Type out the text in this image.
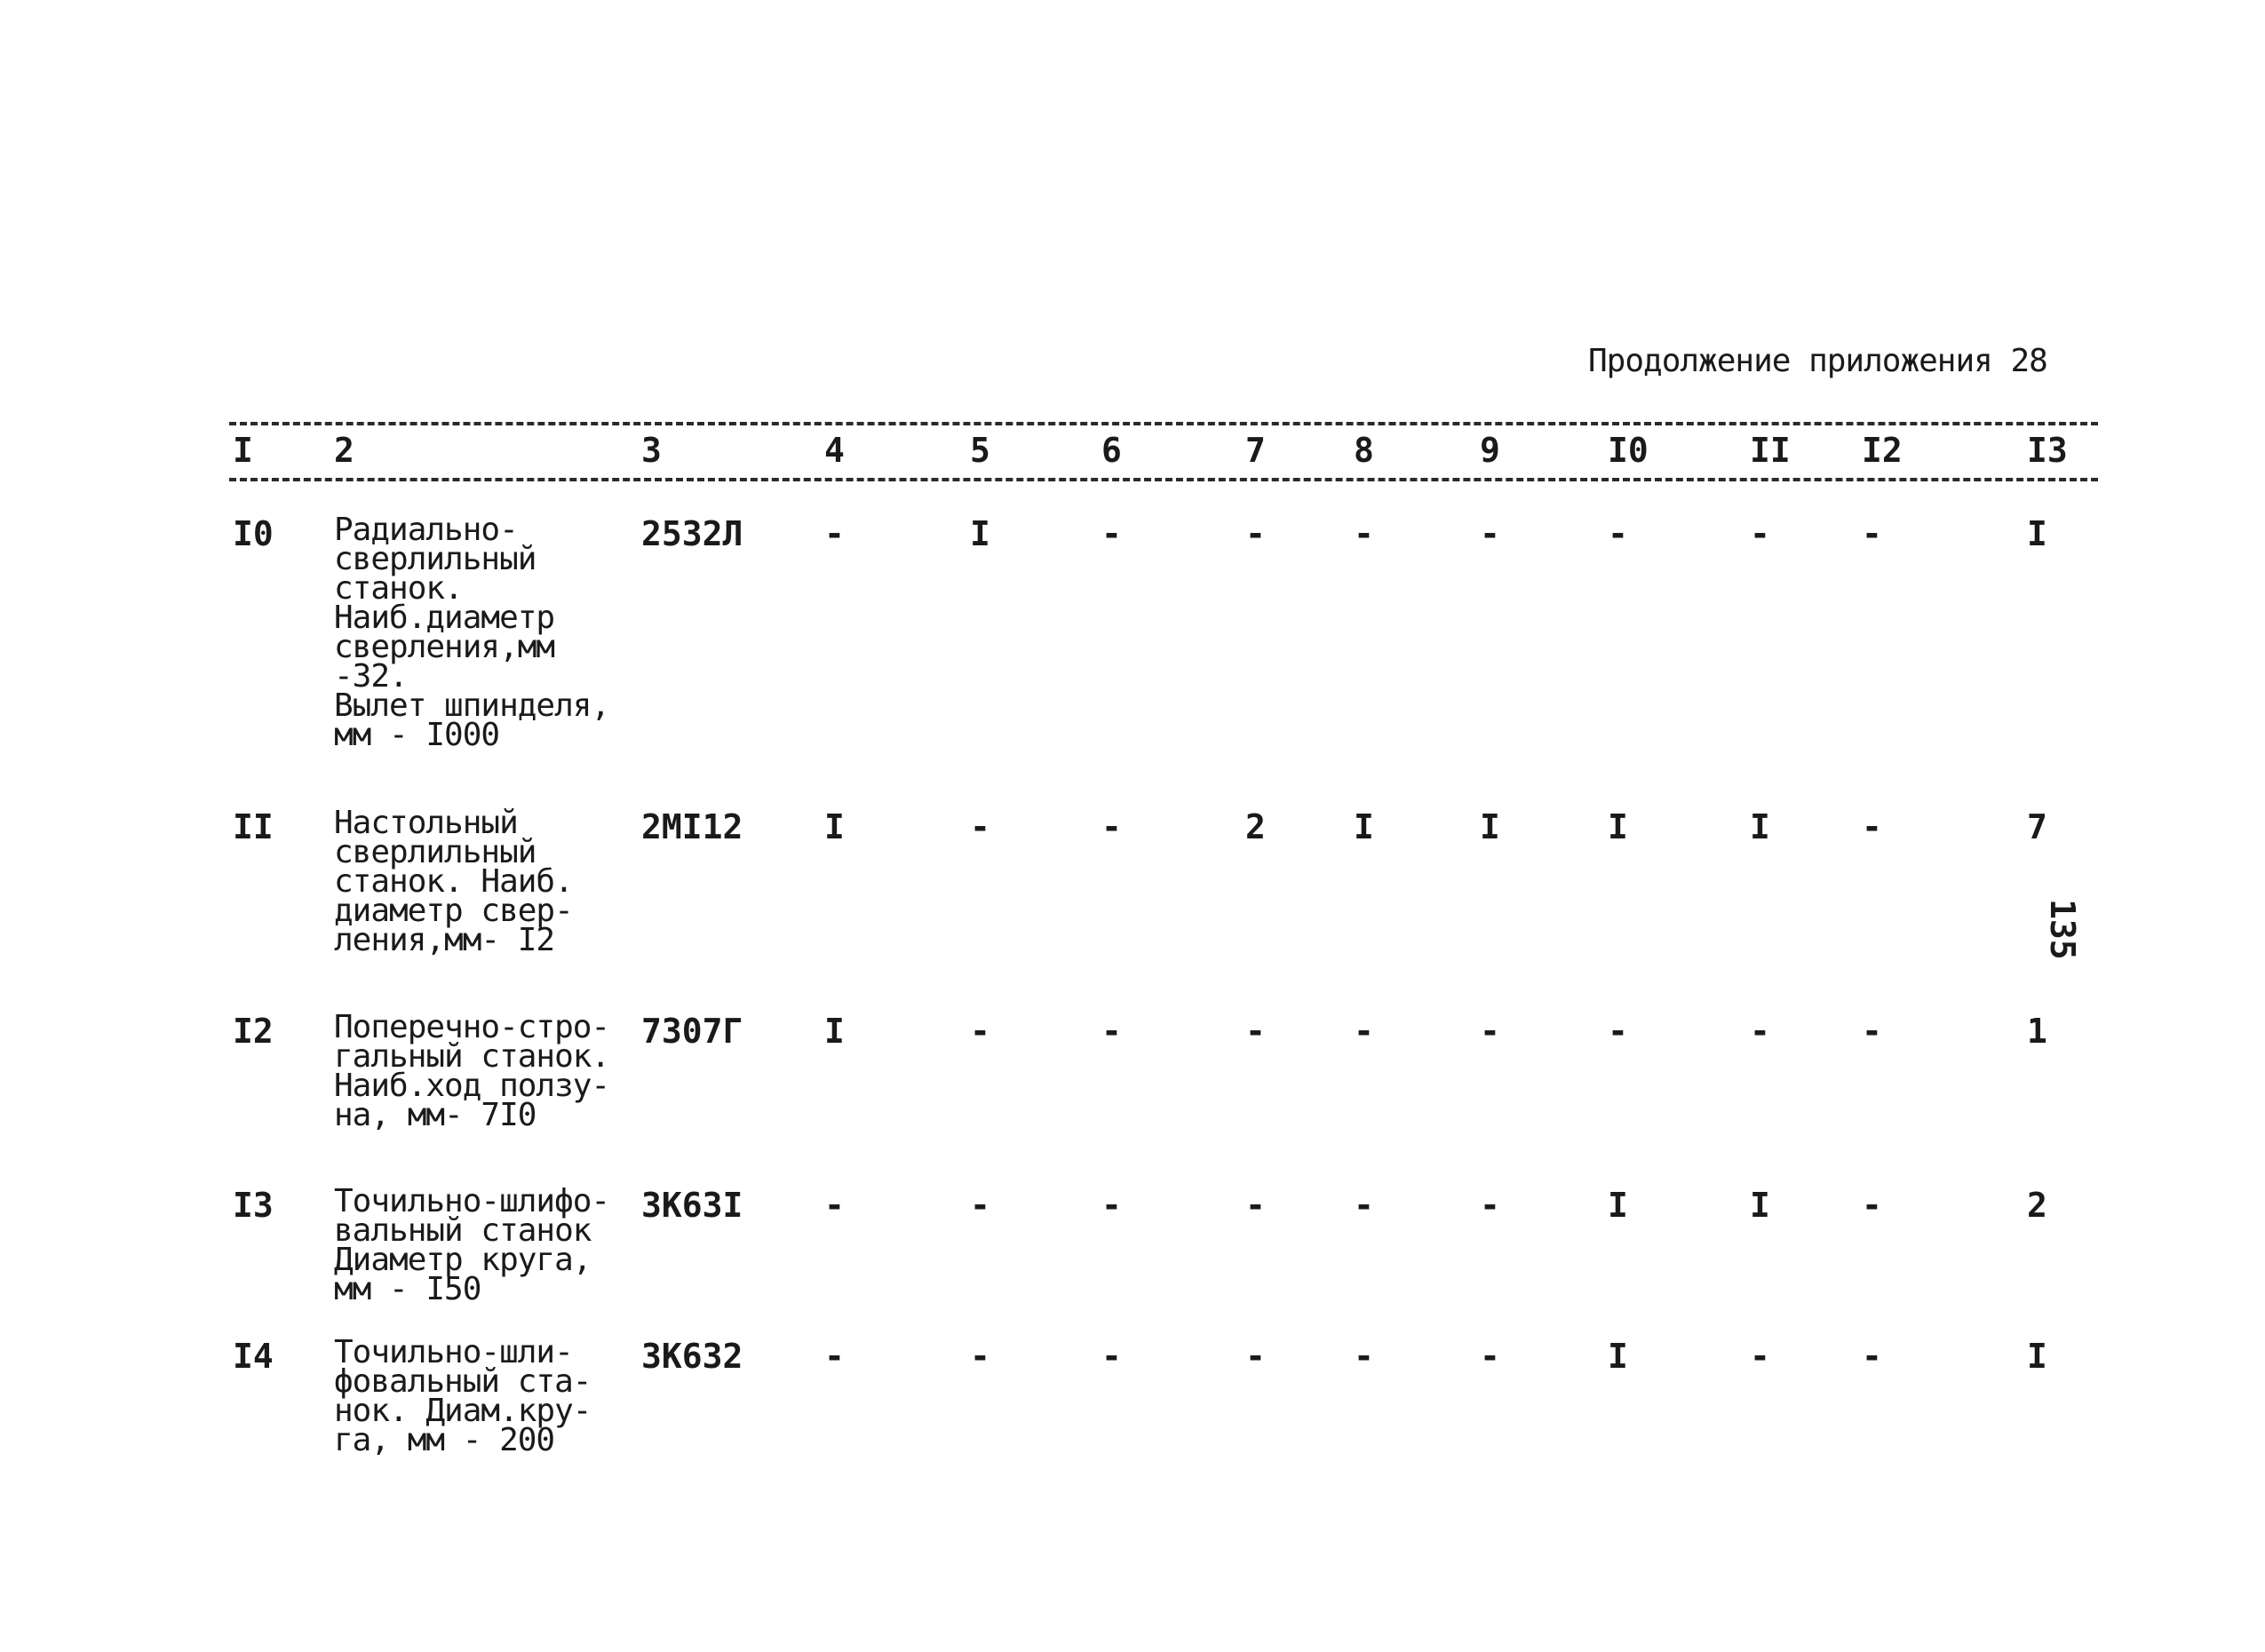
Продолжение приложения 28
I 2	3	4	5	6	7	8	9	I0	II I2	I3
I0 Радиально-
сверлильный
станок.
Наиб.диаметр
сверления,мм
-32.
Вылет шпинделя,
мм - I000
2532Л -	I	-	-	-	-	-	-	-	I
II Настольный
сверлильный
станок. Наиб.
диаметр свер-
ления,мм- I2
2МI12 I	-	-	2	I	I	I	I	-	7
I2 Поперечно-стро-
гальный станок.
Наиб.ход ползу-
на, мм- 7I0
7307Г I	-	-	-	-	-	-	-	-	1
I3 Точильно-шлифо-
вальный станок
Диаметр круга,
мм - I50
3К63I -	-	-	-	-	-	I	I	-	2
I4 Точильно-шли-
фовальный ста-
нок. Диам.кру-
га, мм - 200
3К632 -	-	-	-	-	-	I	-	-	I
135
